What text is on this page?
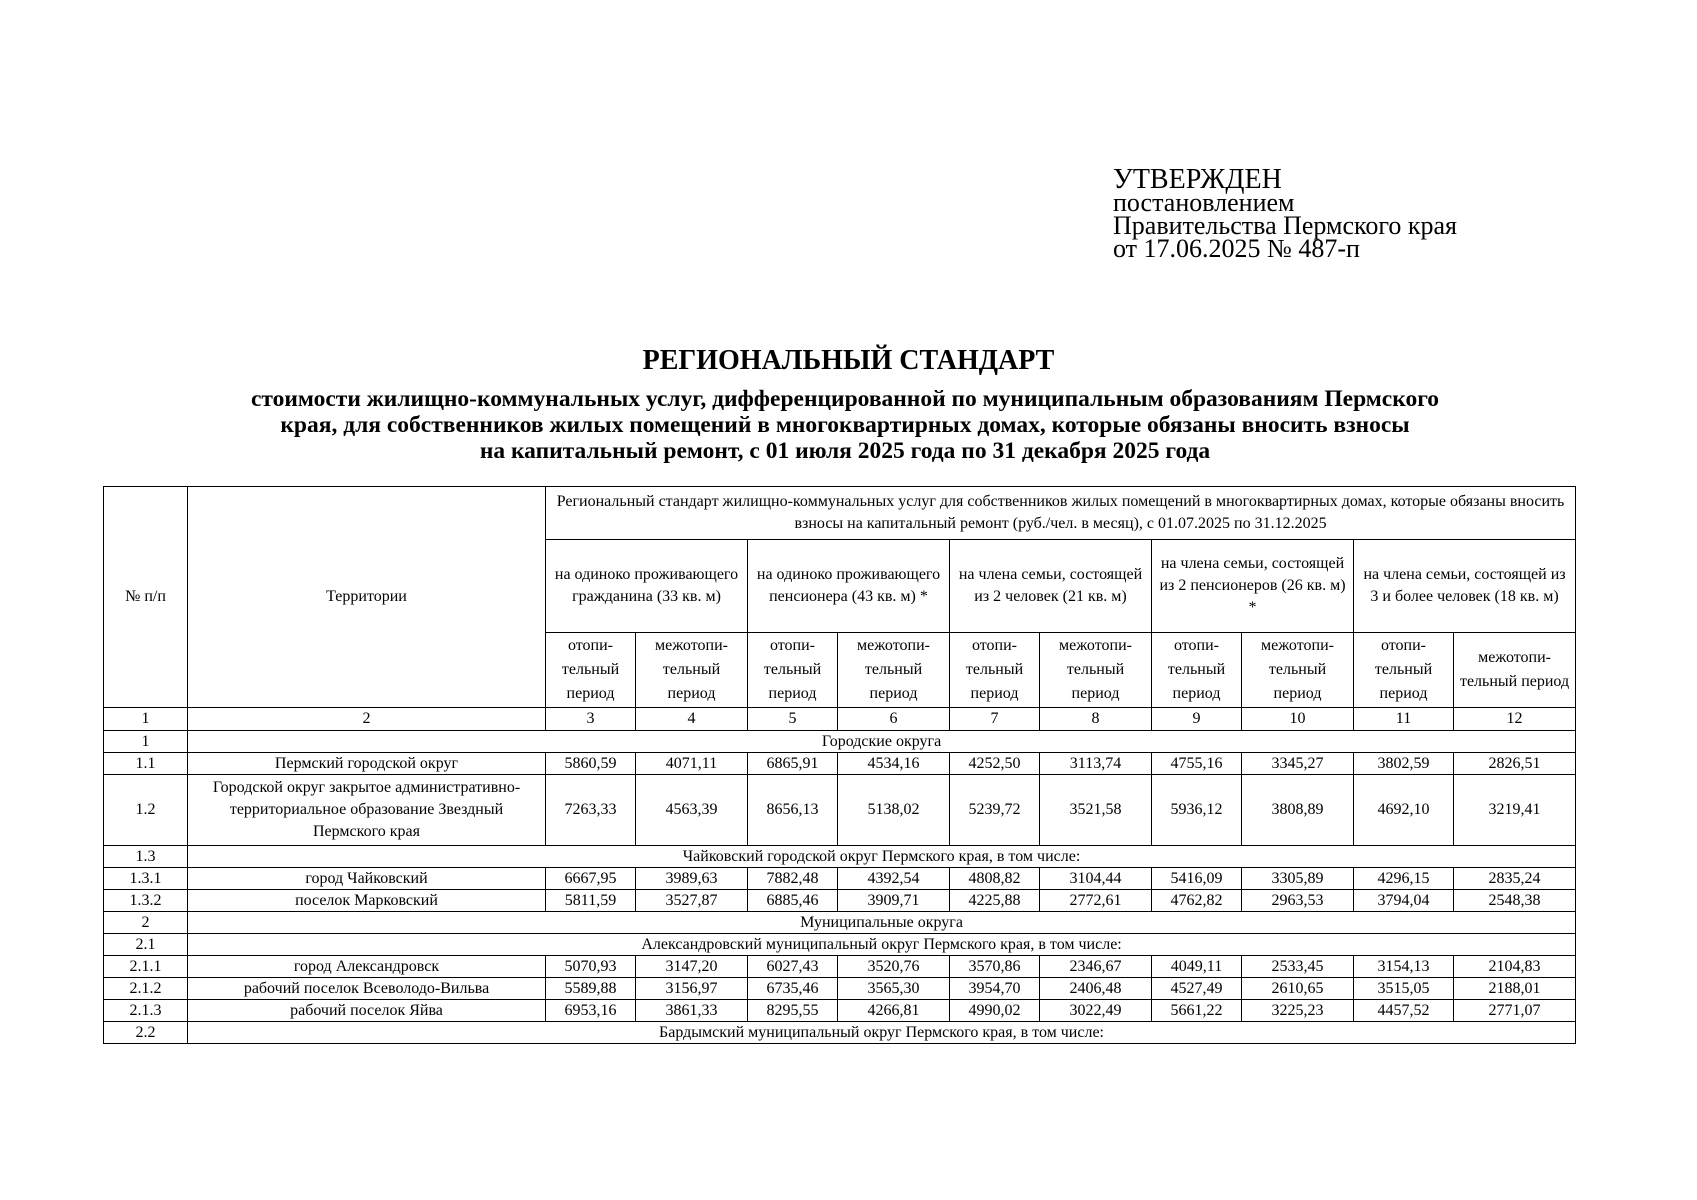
УТВЕРЖДЕН
постановлением
Правительства Пермского края
от 17.06.2025 № 487-п
РЕГИОНАЛЬНЫЙ СТАНДАРТ
стоимости жилищно-коммунальных услуг, дифференцированной по муниципальным образованиям Пермского
края, для собственников жилых помещений в многоквартирных домах, которые обязаны вносить взносы
на капитальный ремонт, с 01 июля 2025 года по 31 декабря 2025 года
№ п/п	Территории	Региональный стандарт жилищно-коммунальных услуг для собственников жилых помещений в многоквартирных домах, которые обязаны вносить взносы на капитальный ремонт (руб./чел. в месяц), с 01.07.2025 по 31.12.2025									
		на одиноко проживающего гражданина (33 кв. м)		на одиноко проживающего пенсионера (43 кв. м) *		на члена семьи, состоящей из 2 человек (21 кв. м)		на члена семьи, состоящей из 2 пенсионеров (26 кв. м) *		на члена семьи, состоящей из 3 и более человек (18 кв. м)	
		отопи-тельный период	межотопи-тельный период	отопи-тельный период	межотопи-тельный период	отопи-тельный период	межотопи-тельный период	отопи-тельный период	межотопи-тельный период	отопи-тельный период	межотопи-тельный период
1	2	3	4	5	6	7	8	9	10	11	12
1	Городские округа										
1.1	Пермский городской округ	5860,59	4071,11	6865,91	4534,16	4252,50	3113,74	4755,16	3345,27	3802,59	2826,51
1.2	Городской округ закрытое административно-территориальное образование Звездный Пермского края	7263,33	4563,39	8656,13	5138,02	5239,72	3521,58	5936,12	3808,89	4692,10	3219,41
1.3	Чайковский городской округ Пермского края, в том числе:										
1.3.1	город Чайковский	6667,95	3989,63	7882,48	4392,54	4808,82	3104,44	5416,09	3305,89	4296,15	2835,24
1.3.2	поселок Марковский	5811,59	3527,87	6885,46	3909,71	4225,88	2772,61	4762,82	2963,53	3794,04	2548,38
2	Муниципальные округа										
2.1	Александровский муниципальный округ Пермского края, в том числе:										
2.1.1	город Александровск	5070,93	3147,20	6027,43	3520,76	3570,86	2346,67	4049,11	2533,45	3154,13	2104,83
2.1.2	рабочий поселок Всеволодо-Вильва	5589,88	3156,97	6735,46	3565,30	3954,70	2406,48	4527,49	2610,65	3515,05	2188,01
2.1.3	рабочий поселок Яйва	6953,16	3861,33	8295,55	4266,81	4990,02	3022,49	5661,22	3225,23	4457,52	2771,07
2.2	Бардымский муниципальный округ Пермского края, в том числе:										
